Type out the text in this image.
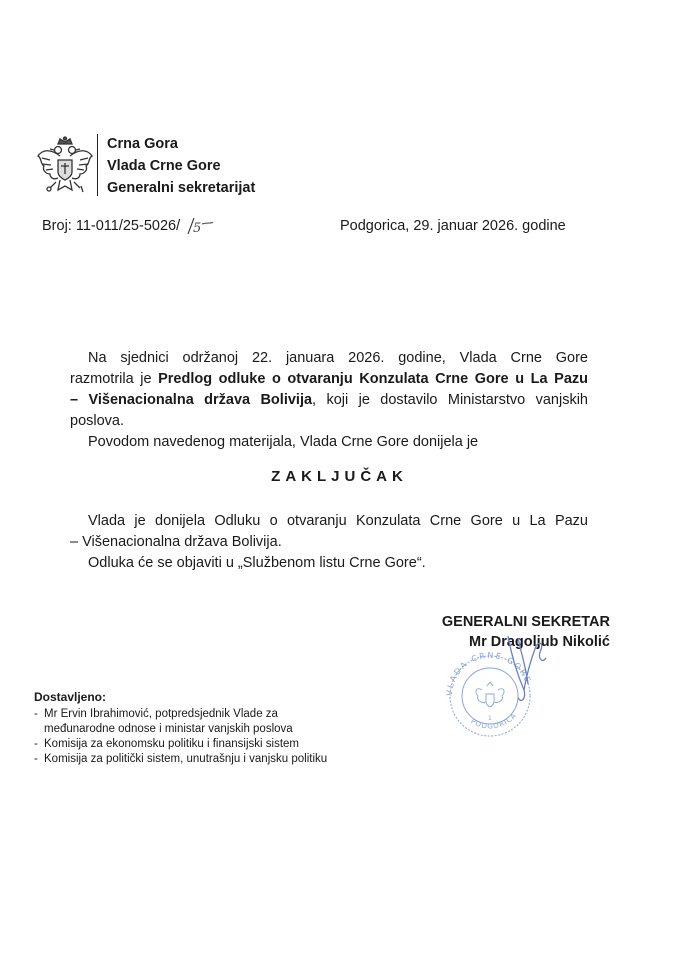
Crna Gora
Vlada Crne Gore
Generalni sekretarijat
Broj: 11-011/25-5026/ 5	Podgorica, 29. januar 2026. godine

Na sjednici održanoj 22. januara 2026. godine, Vlada Crne Gore

razmotrila je Predlog odluke o otvaranju Konzulata Crne Gore u La Pazu

– Višenacionalna država Bolivija, koji je dostavilo Ministarstvo vanjskih

poslova.

Povodom navedenog materijala, Vlada Crne Gore donijela je

ZAKLJUČAK

Vlada je donijela Odluku o otvaranju Konzulata Crne Gore u La Pazu

– Višenacionalna država Bolivija.

Odluka će se objaviti u „Službenom listu Crne Gore“.

VLADA CRNE GORE
PODGORICA
1
GENERALNI SEKRETAR
Mr Dragoljub Nikolić
Dostavljeno:
- Mr Ervin Ibrahimović, potpredsjednik Vlade za
međunarodne odnose i ministar vanjskih poslova
- Komisija za ekonomsku politiku i finansijski sistem
- Komisija za politički sistem, unutrašnju i vanjsku politiku
